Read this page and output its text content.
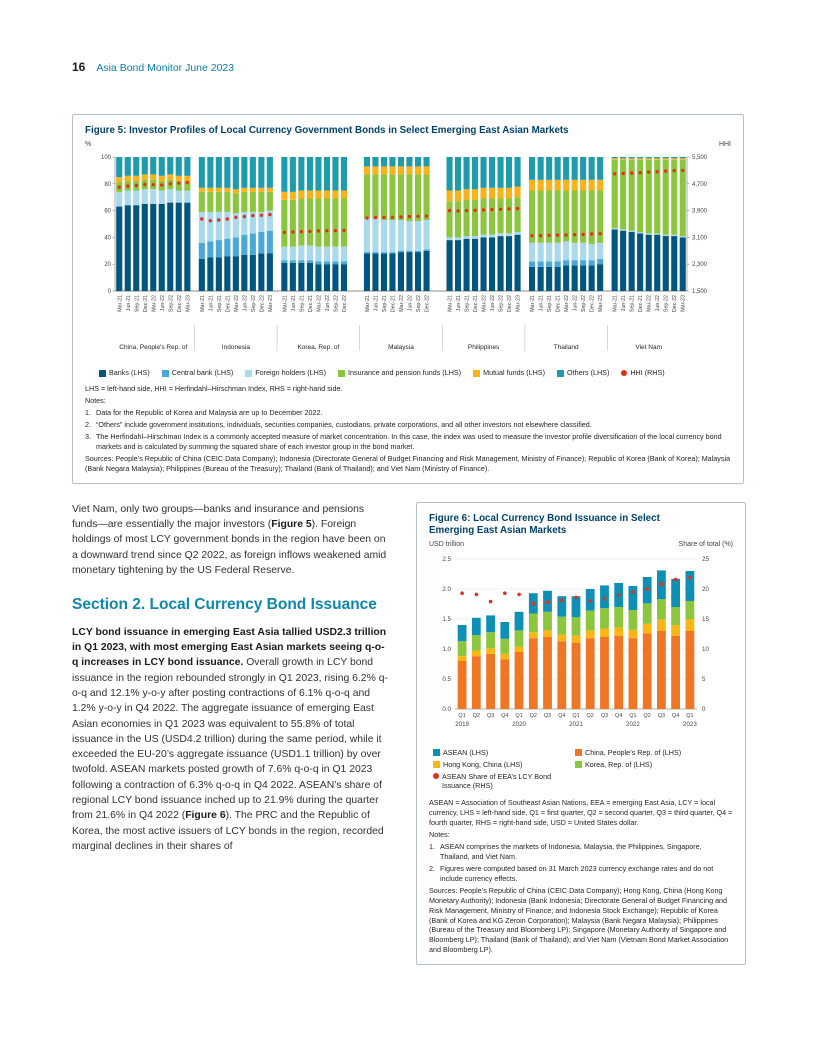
16 Asia Bond Monitor June 2023
Figure 5: Investor Profiles of Local Currency Government Bonds in Select Emerging East Asian Markets
%	HHI
100	5,500
80	4,700
60	3,900
40	3,100
20	2,300
0	1,500
Mar-21 Jun-21 Sep-21 Dec-21 Mar-22 Jun-22 Sep-22 Dec-22 Mar-23 Mar-21 Jun-21 Sep-21 Dec-21 Mar-22 Jun-22 Sep-22 Dec-22 Mar-23 Mar-21 Jun-21 Sep-21 Dec-21 Mar-22 Jun-22 Sep-22 Dec-22	Mar-21 Jun-21 Sep-21 Dec-21 Mar-22 Jun-22 Sep-22 Dec-22	Mar-21 Jun-21 Sep-21 Dec-21 Mar-22 Jun-22 Sep-22 Dec-22 Mar-23 Mar-21 Jun-21 Sep-21 Dec-21 Mar-22 Jun-22 Sep-22 Dec-22 Mar-23 Mar-21 Jun-21 Sep-21 Dec-21 Mar-22 Jun-22 Sep-22 Dec-22 Mar-23
China, People's Rep. of	Indonesia	Korea, Rep. of	Malaysia	Philippines	Thailand	Viet Nam
Banks (LHS)	Central bank (LHS)	Foreign holders (LHS)	Insurance and pension funds (LHS)	Mutual funds (LHS)	Others (LHS)	HHI (RHS)
LHS = left-hand side, HHI = Herfindahl–Hirschman Index, RHS = right-hand side.
Notes:
1. Data for the Republic of Korea and Malaysia are up to December 2022.
2. “Others” include government institutions, individuals, securities companies, custodians, private corporations, and all other investors not elsewhere classified.
3. The Herfindahl–Hirschman Index is a commonly accepted measure of market concentration. In this case, the index was used to measure the investor profile diversification of the local currency bond markets and is calculated by summing the squared share of each investor group in the bond market.
Sources: People’s Republic of China (CEIC Data Company); Indonesia (Directorate General of Budget Financing and Risk Management, Ministry of Finance); Republic of Korea (Bank of Korea); Malaysia (Bank Negara Malaysia); Philippines (Bureau of the Treasury); Thailand (Bank of Thailand); and Viet Nam (Ministry of Finance).

Viet Nam, only two groups—banks and insurance and pensions funds—are essentially the major investors (Figure 5). Foreign holdings of most LCY government bonds in the region have been on a downward trend since Q2 2022, as foreign inflows weakened amid monetary tightening by the US Federal Reserve.

Section 2. Local Currency Bond Issuance

LCY bond issuance in emerging East Asia tallied USD2.3 trillion in Q1 2023, with most emerging East Asian markets seeing q-o-q increases in LCY bond issuance. Overall growth in LCY bond issuance in the region rebounded strongly in Q1 2023, rising 6.2% q-o-q and 12.1% y-o-y after posting contractions of 6.1% q-o-q and 1.2% y-o-y in Q4 2022. The aggregate issuance of emerging East Asian economies in Q1 2023 was equivalent to 55.8% of total issuance in the US (USD4.2 trillion) during the same period, while it exceeded the EU-20’s aggregate issuance (USD1.1 trillion) by over twofold. ASEAN markets posted growth of 7.6% q-o-q in Q1 2023 following a contraction of 6.3% q-o-q in Q4 2022. ASEAN’s share of regional LCY bond issuance inched up to 21.9% during the quarter from 21.6% in Q4 2022 (Figure 6). The PRC and the Republic of Korea, the most active issuers of LCY bonds in the region, recorded marginal declines in their shares of

Figure 6: Local Currency Bond Issuance in Select Emerging East Asian Markets
USD trillion	Share of total (%)
0.0
0.5
1.0
1.5
2.0
2.5
0
5
10
15
20
25
Q1 Q2 Q3 Q4 Q1 Q2 Q3 Q4 Q1 Q2 Q3 Q4 Q1 Q2 Q3 Q4 Q1
2019	2020	2021	2022	2023
ASEAN (LHS)	China, People’s Rep. of (LHS)
Hong Kong, China (LHS)	Korea, Rep. of (LHS)
ASEAN Share of EEA’s LCY Bond Issuance (RHS)
ASEAN = Association of Southeast Asian Nations, EEA = emerging East Asia, LCY = local currency, LHS = left-hand side, Q1 = first quarter, Q2 = second quarter, Q3 = third quarter, Q4 = fourth quarter, RHS = right-hand side, USD = United States dollar.
Notes:
1. ASEAN comprises the markets of Indonesia, Malaysia, the Philippines, Singapore, Thailand, and Viet Nam.
2. Figures were computed based on 31 March 2023 currency exchange rates and do not include currency effects.
Sources: People’s Republic of China (CEIC Data Company); Hong Kong, China (Hong Kong Monetary Authority); Indonesia (Bank Indonesia; Directorate General of Budget Financing and Risk Management, Ministry of Finance; and Indonesia Stock Exchange); Republic of Korea (Bank of Korea and KG Zeroin Corporation); Malaysia (Bank Negara Malaysia); Philippines (Bureau of the Treasury and Bloomberg LP); Singapore (Monetary Authority of Singapore and Bloomberg LP); Thailand (Bank of Thailand); and Viet Nam (Vietnam Bond Market Association and Bloomberg LP).
